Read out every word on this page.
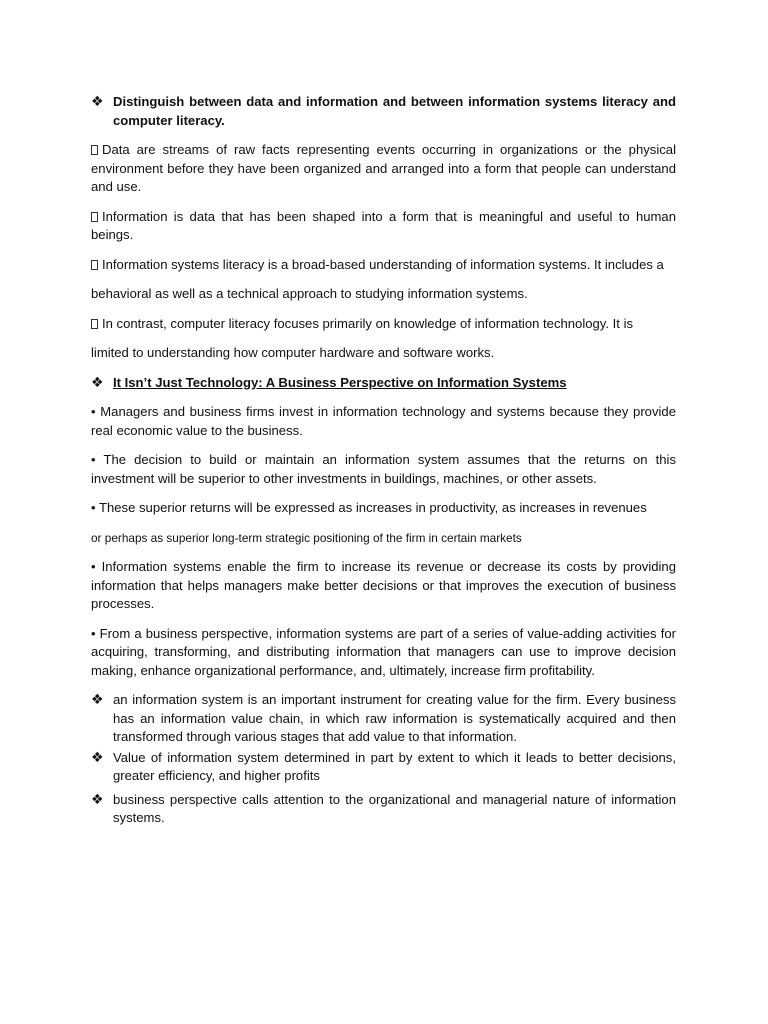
❖ Distinguish between data and information and between information systems literacy and computer literacy.

Data are streams of raw facts representing events occurring in organizations or the physical environment before they have been organized and arranged into a form that people can understand and use.

Information is data that has been shaped into a form that is meaningful and useful to human beings.

Information systems literacy is a broad-based understanding of information systems. It includes a

behavioral as well as a technical approach to studying information systems.

In contrast, computer literacy focuses primarily on knowledge of information technology. It is

limited to understanding how computer hardware and software works.

❖ It Isn’t Just Technology: A Business Perspective on Information Systems

• Managers and business firms invest in information technology and systems because they provide real economic value to the business.

• The decision to build or maintain an information system assumes that the returns on this investment will be superior to other investments in buildings, machines, or other assets.

• These superior returns will be expressed as increases in productivity, as increases in revenues

or perhaps as superior long-term strategic positioning of the firm in certain markets

• Information systems enable the firm to increase its revenue or decrease its costs by providing information that helps managers make better decisions or that improves the execution of business processes.

• From a business perspective, information systems are part of a series of value-adding activities for acquiring, transforming, and distributing information that managers can use to improve decision making, enhance organizational performance, and, ultimately, increase firm profitability.

❖ an information system is an important instrument for creating value for the firm. Every business has an information value chain, in which raw information is systematically acquired and then transformed through various stages that add value to that information.
❖ Value of information system determined in part by extent to which it leads to better decisions, greater efficiency, and higher profits
❖ business perspective calls attention to the organizational and managerial nature of information systems.
